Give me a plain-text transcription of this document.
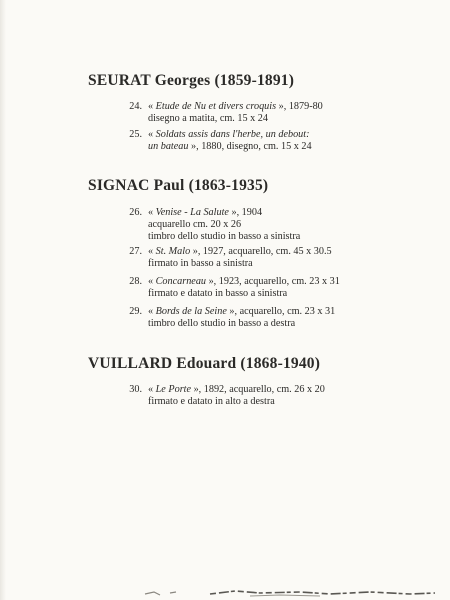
SEURAT Georges (1859-1891)
24. « Etude de Nu et divers croquis », 1879-80
disegno a matita, cm. 15 x 24
25. « Soldats assis dans l'herbe, un debout:
un bateau », 1880, disegno, cm. 15 x 24
SIGNAC Paul (1863-1935)
26. « Venise - La Salute », 1904
acquarello cm. 20 x 26
timbro dello studio in basso a sinistra
27. « St. Malo », 1927, acquarello, cm. 45 x 30.5
firmato in basso a sinistra
28. « Concarneau », 1923, acquarello, cm. 23 x 31
firmato e datato in basso a sinistra
29. « Bords de la Seine », acquarello, cm. 23 x 31
timbro dello studio in basso a destra
VUILLARD Edouard (1868-1940)
30. « Le Porte », 1892, acquarello, cm. 26 x 20
firmato e datato in alto a destra
